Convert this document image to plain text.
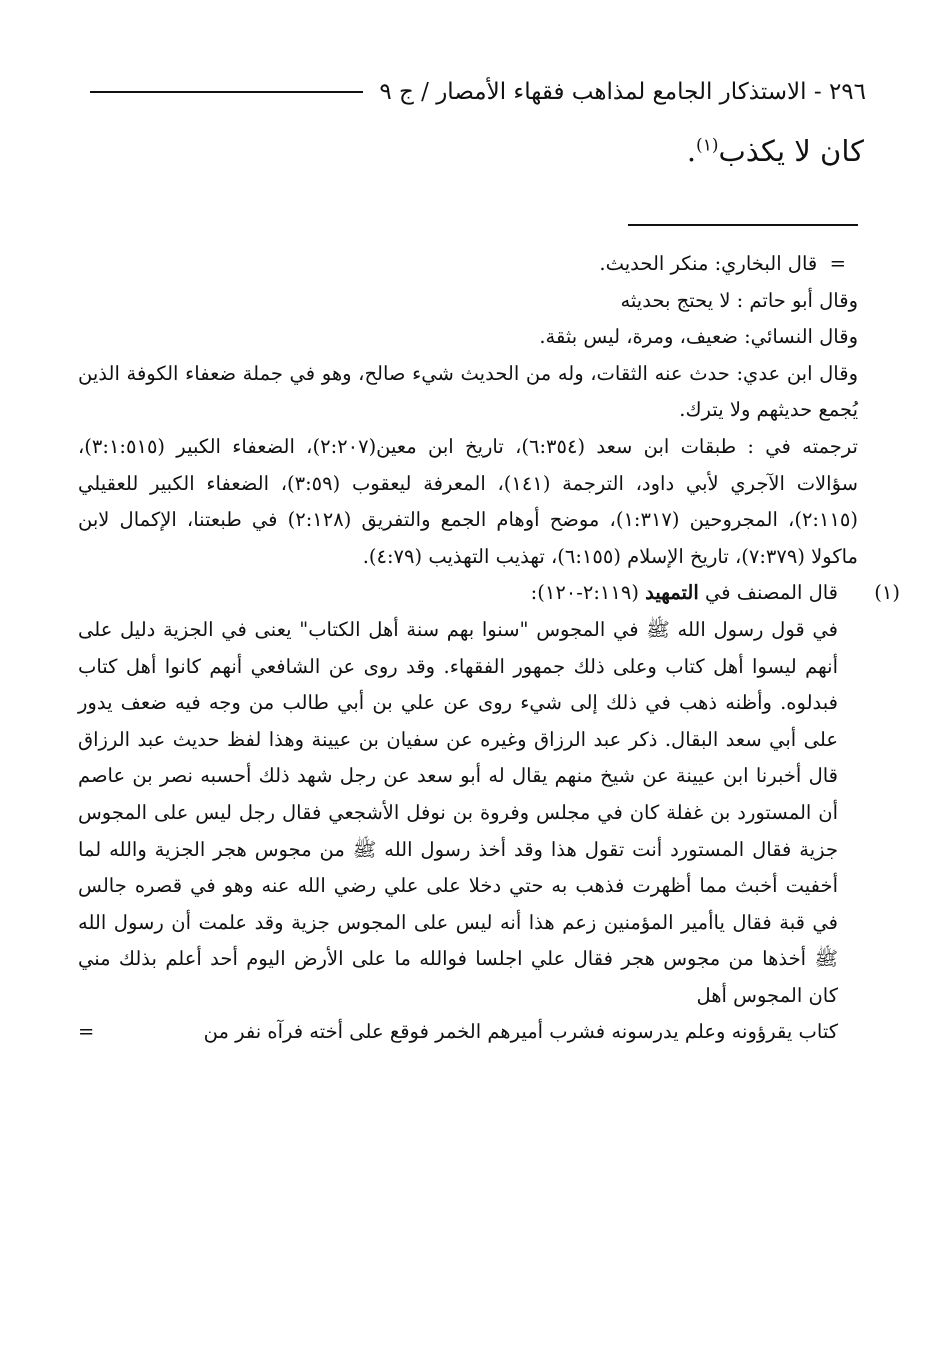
٢٩٦ - الاستذكار الجامع لمذاهب فقهاء الأمصار / ج ٩
كان لا يكذب$^{(١)}$.

=  قال البخاري: منكر الحديث.

وقال أبو حاتم : لا يحتج بحديثه

وقال النسائي: ضعيف، ومرة، ليس بثقة.

وقال ابن عدي: حدث عنه الثقات، وله من الحديث شيء صالح، وهو في جملة ضعفاء الكوفة الذين يُجمع حديثهم ولا يترك.

ترجمته في : طبقات ابن سعد (٦:٣٥٤)، تاريخ ابن معين(٢:٢٠٧)، الضعفاء الكبير (٣:١:٥١٥)، سؤالات الآجري لأبي داود، الترجمة (١٤١)، المعرفة ليعقوب (٣:٥٩)، الضعفاء الكبير للعقيلي (٢:١١٥)، المجروحين (١:٣١٧)، موضح أوهام الجمع والتفريق (٢:١٢٨) في طبعتنا، الإكمال لابن ماكولا (٧:٣٧٩)، تاريخ الإسلام (٦:١٥٥)، تهذيب التهذيب (٤:٧٩).

(١)

قال المصنف في التمهيد (٢:١١٩-١٢٠):

في قول رسول الله ﷺ في المجوس "سنوا بهم سنة أهل الكتاب" يعنى في الجزية دليل على أنهم ليسوا أهل كتاب وعلى ذلك جمهور الفقهاء. وقد روى عن الشافعي أنهم كانوا أهل كتاب فبدلوه. وأظنه ذهب في ذلك إلى شيء روى عن علي بن أبي طالب من وجه فيه ضعف يدور على أبي سعد البقال. ذكر عبد الرزاق وغيره عن سفيان بن عيينة وهذا لفظ حديث عبد الرزاق قال أخبرنا ابن عيينة عن شيخ منهم يقال له أبو سعد عن رجل شهد ذلك أحسبه نصر بن عاصم أن المستورد بن غفلة كان في مجلس وفروة بن نوفل الأشجعي فقال رجل ليس على المجوس جزية فقال المستورد أنت تقول هذا وقد أخذ رسول الله ﷺ من مجوس هجر الجزية والله لما أخفيت أخبث مما أظهرت فذهب به حتي دخلا على علي رضي الله عنه وهو في قصره جالس في قبة فقال ياأمير المؤمنين زعم هذا أنه ليس على المجوس جزية وقد علمت أن رسول الله ﷺ أخذها من مجوس هجر فقال علي اجلسا فوالله ما على الأرض اليوم أحد أعلم بذلك مني كان المجوس أهل

كتاب يقرؤونه وعلم يدرسونه فشرب أميرهم الخمر فوقع على أخته فرآه نفر من
=
